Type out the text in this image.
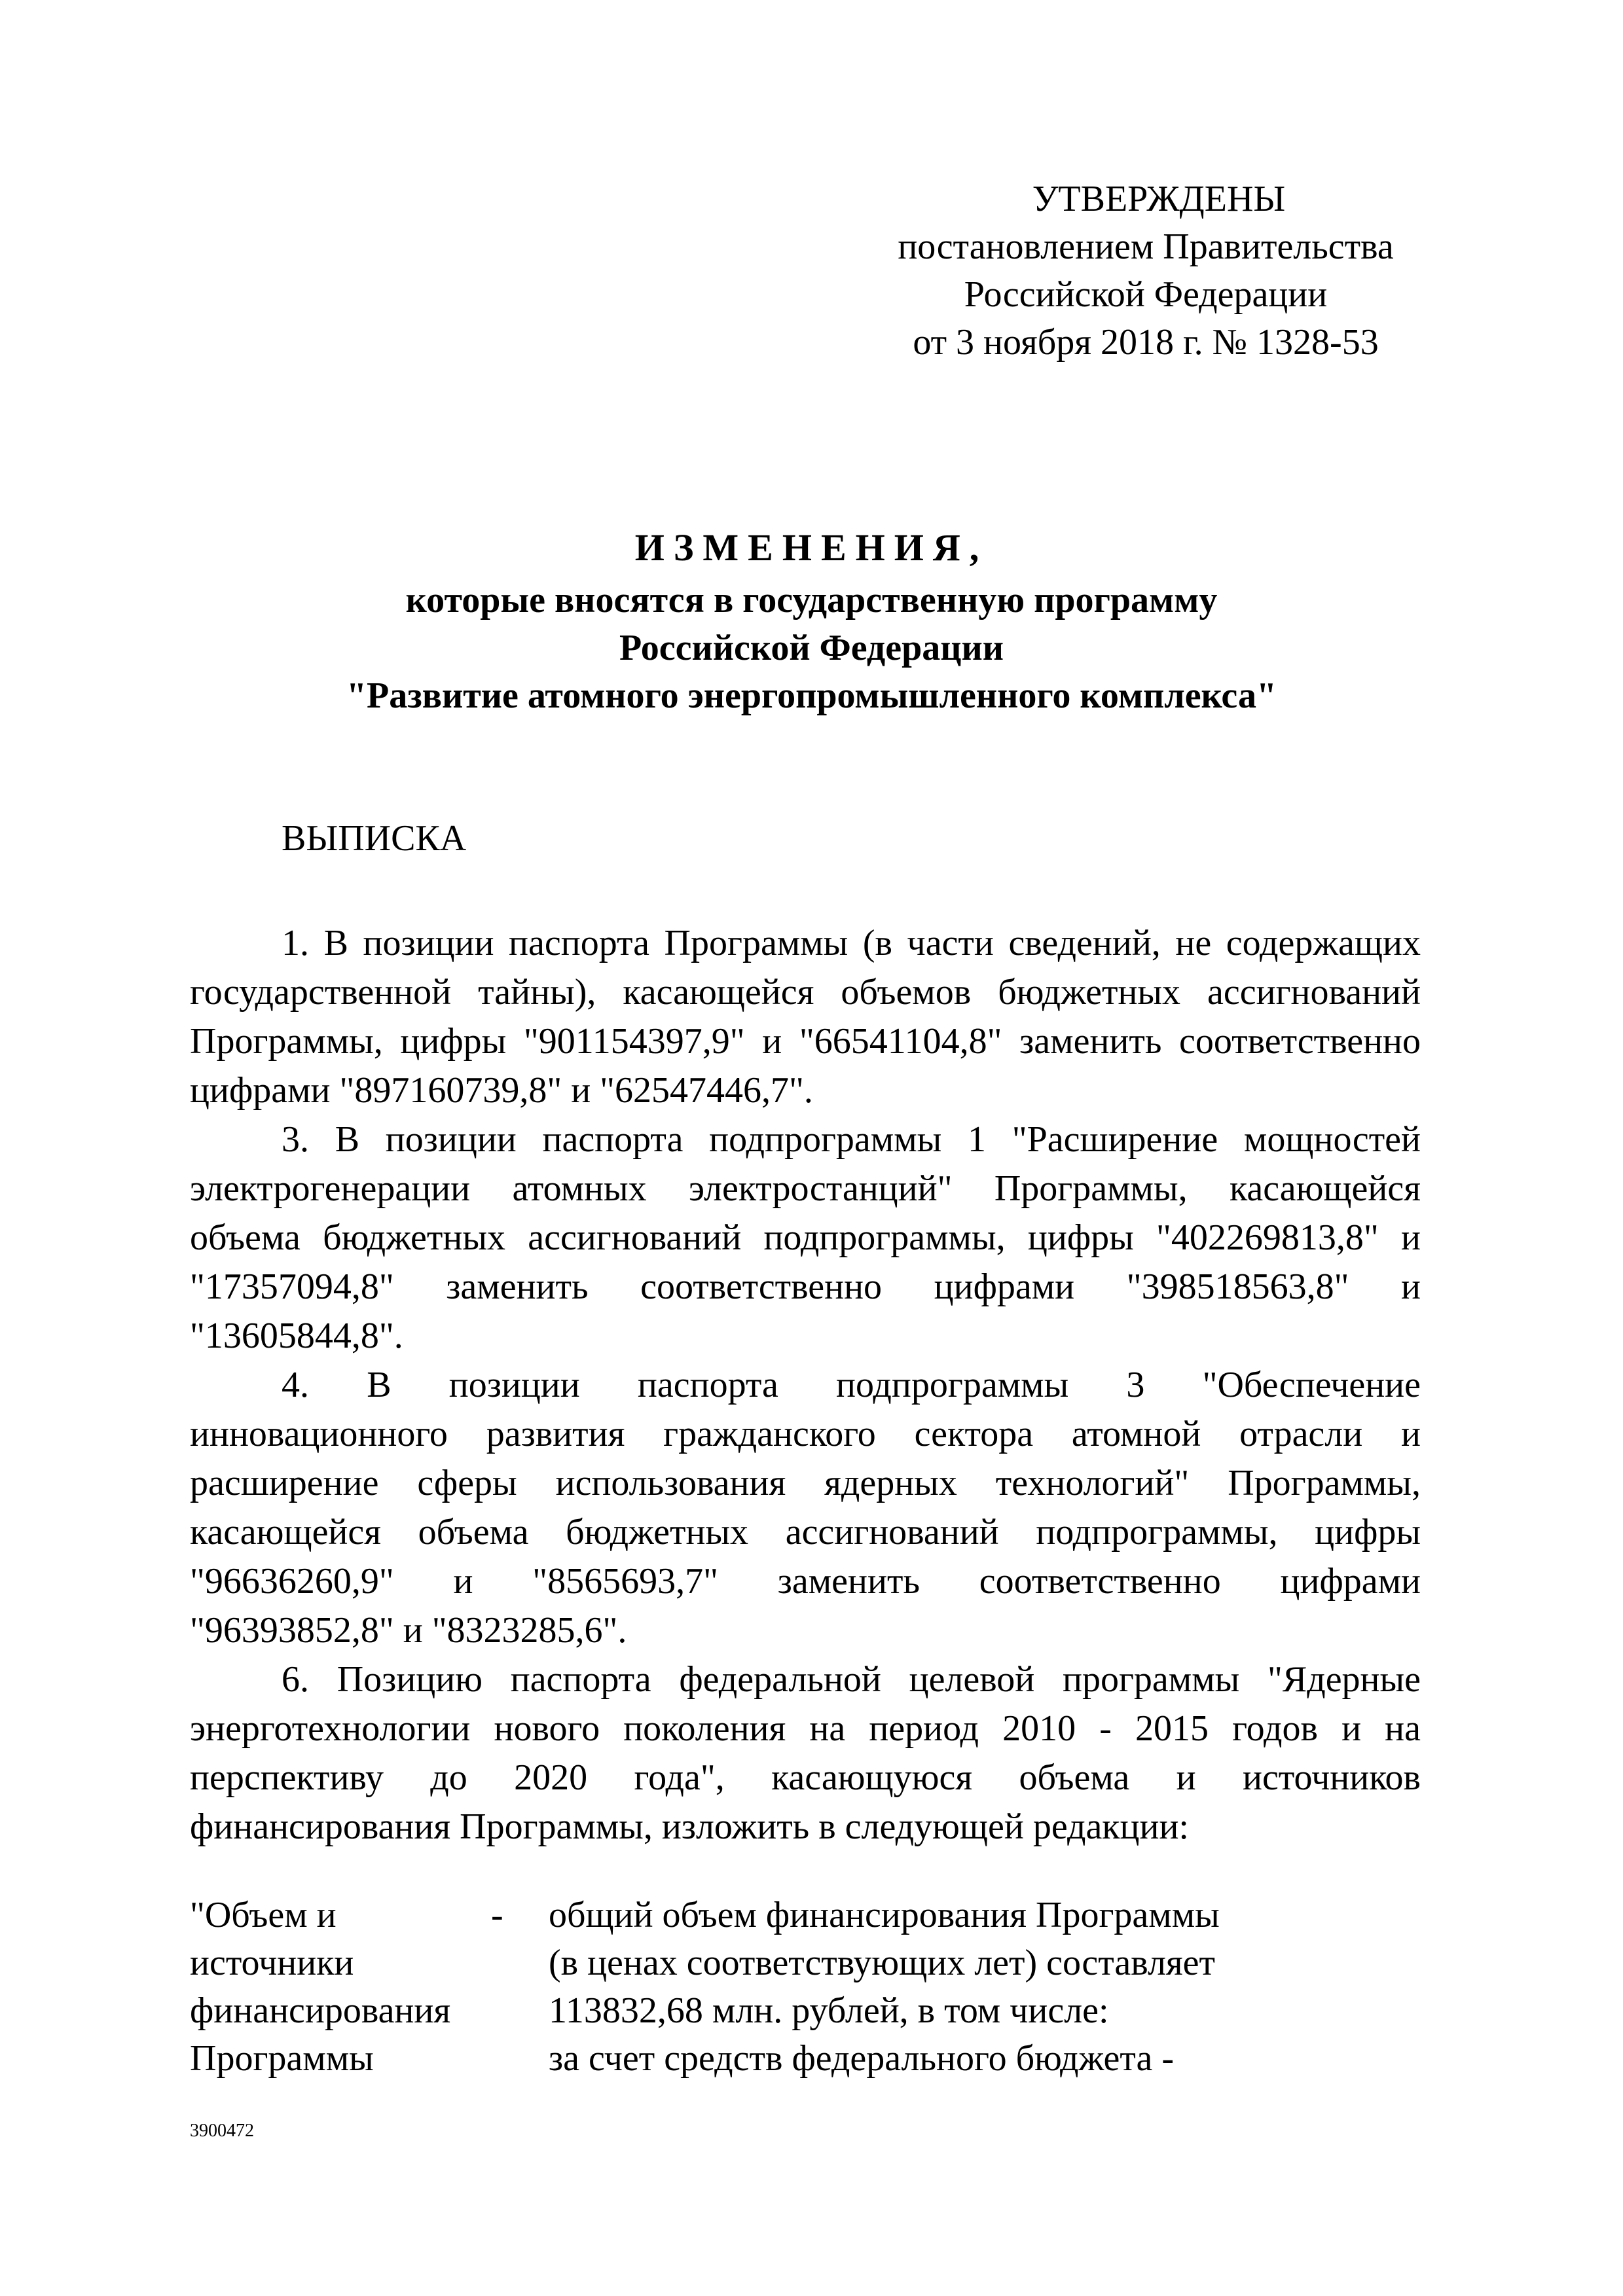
УТВЕРЖДЕНЫ
постановлением Правительства
Российской Федерации
от 3 ноября 2018 г. № 1328-53
ИЗМЕНЕНИЯ,
которые вносятся в государственную программу
Российской Федерации
"Развитие атомного энергопромышленного комплекса"
ВЫПИСКА
1. В позиции паспорта Программы (в части сведений, не содержащих
государственной тайны), касающейся объемов бюджетных ассигнований
Программы, цифры "901154397,9" и "66541104,8" заменить соответственно
цифрами "897160739,8" и "62547446,7".
3. В позиции паспорта подпрограммы 1 "Расширение мощностей
электрогенерации атомных электростанций" Программы, касающейся
объема бюджетных ассигнований подпрограммы, цифры "402269813,8" и
"17357094,8" заменить соответственно цифрами "398518563,8" и
"13605844,8".
4. В позиции паспорта подпрограммы 3 "Обеспечение
инновационного развития гражданского сектора атомной отрасли и
расширение сферы использования ядерных технологий" Программы,
касающейся объема бюджетных ассигнований подпрограммы, цифры
"96636260,9" и "8565693,7" заменить соответственно цифрами
"96393852,8" и "8323285,6".
6. Позицию паспорта федеральной целевой программы "Ядерные
энерготехнологии нового поколения на период 2010 - 2015 годов и на
перспективу до 2020 года", касающуюся объема и источников
финансирования Программы, изложить в следующей редакции:
"Объем и
источники
финансирования
Программы
- общий объем финансирования Программы
(в ценах соответствующих лет) составляет
113832,68 млн. рублей, в том числе:
за счет средств федерального бюджета -
3900472
